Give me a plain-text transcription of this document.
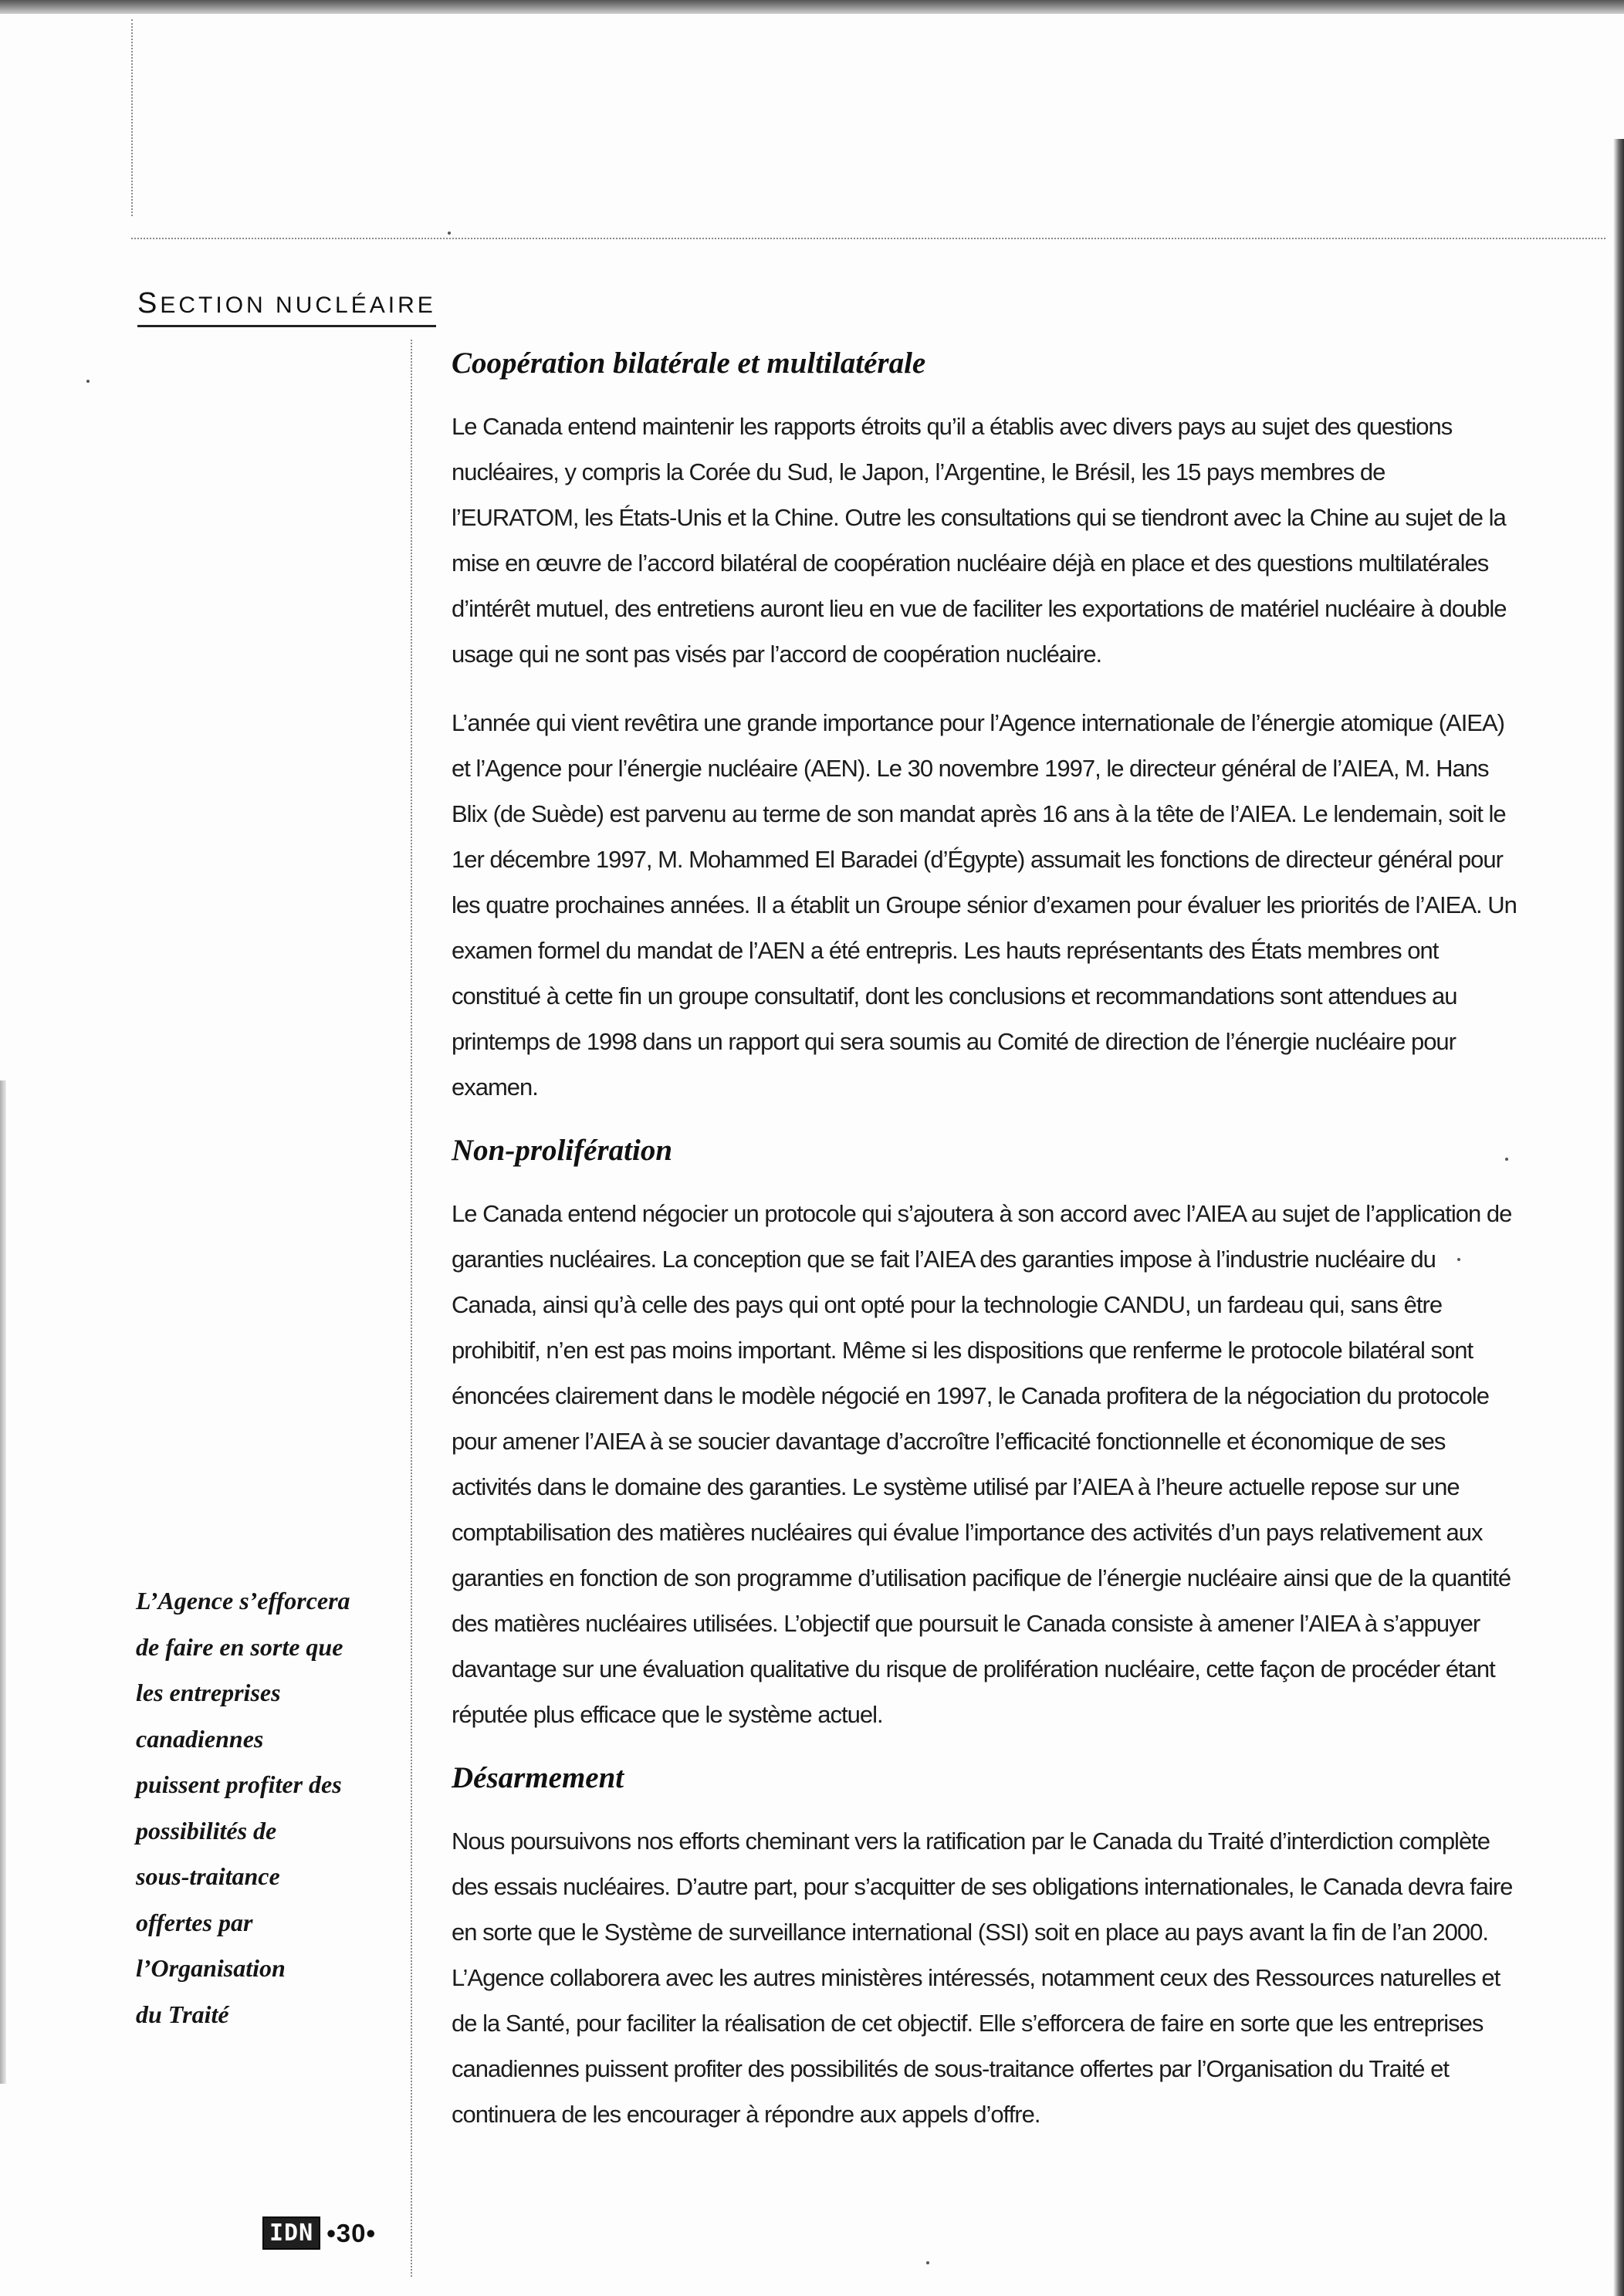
SECTION NUCLÉAIRE
Coopération bilatérale et multilatérale

Le Canada entend maintenir les rapports étroits qu’il a établis avec divers pays au sujet des questions nucléaires, y compris la Corée du Sud, le Japon, l’Argentine, le Brésil, les 15 pays membres de l’EURATOM, les États-Unis et la Chine. Outre les consultations qui se tiendront avec la Chine au sujet de la mise en œuvre de l’accord bilatéral de coopération nucléaire déjà en place et des questions multilatérales d’intérêt mutuel, des entretiens auront lieu en vue de faciliter les exportations de matériel nucléaire à double usage qui ne sont pas visés par l’accord de coopération nucléaire.

L’année qui vient revêtira une grande importance pour l’Agence internationale de l’énergie atomique (AIEA) et l’Agence pour l’énergie nucléaire (AEN). Le 30 novembre 1997, le directeur général de l’AIEA, M. Hans Blix (de Suède) est parvenu au terme de son mandat après 16 ans à la tête de l’AIEA. Le lendemain, soit le 1er décembre 1997, M. Mohammed El Baradei (d’Égypte) assumait les fonctions de directeur général pour les quatre prochaines années. Il a établit un Groupe sénior d’examen pour évaluer les priorités de l’AIEA. Un examen formel du mandat de l’AEN a été entrepris. Les hauts représentants des États membres ont constitué à cette fin un groupe consultatif, dont les conclusions et recommandations sont attendues au printemps de 1998 dans un rapport qui sera soumis au Comité de direction de l’énergie nucléaire pour examen.

Non-prolifération

Le Canada entend négocier un protocole qui s’ajoutera à son accord avec l’AIEA au sujet de l’application de garanties nucléaires. La conception que se fait l’AIEA des garanties impose à l’industrie nucléaire du Canada, ainsi qu’à celle des pays qui ont opté pour la technologie CANDU, un fardeau qui, sans être prohibitif, n’en est pas moins important. Même si les dispositions que renferme le protocole bilatéral sont énoncées clairement dans le modèle négocié en 1997, le Canada profitera de la négociation du protocole pour amener l’AIEA à se soucier davantage d’accroître l’efficacité fonctionnelle et économique de ses activités dans le domaine des garanties. Le système utilisé par l’AIEA à l’heure actuelle repose sur une comptabilisation des matières nucléaires qui évalue l’importance des activités d’un pays relativement aux garanties en fonction de son programme d’utilisation pacifique de l’énergie nucléaire ainsi que de la quantité des matières nucléaires utilisées. L’objectif que poursuit le Canada consiste à amener l’AIEA à s’appuyer davantage sur une évaluation qualitative du risque de prolifération nucléaire, cette façon de procéder étant réputée plus efficace que le système actuel.

Désarmement

Nous poursuivons nos efforts cheminant vers la ratification par le Canada du Traité d’interdiction complète des essais nucléaires. D’autre part, pour s’acquitter de ses obligations internationales, le Canada devra faire en sorte que le Système de surveillance international (SSI) soit en place au pays avant la fin de l’an 2000. L’Agence collaborera avec les autres ministères intéressés, notamment ceux des Ressources naturelles et de la Santé, pour faciliter la réalisation de cet objectif. Elle s’efforcera de faire en sorte que les entreprises canadiennes puissent profiter des possibilités de sous-traitance offertes par l’Organisation du Traité et continuera de les encourager à répondre aux appels d’offre.

L’Agence s’efforcera
de faire en sorte que
les entreprises
canadiennes
puissent profiter des
possibilités de
sous-traitance
offertes par
l’Organisation
du Traité
IDN •30•
